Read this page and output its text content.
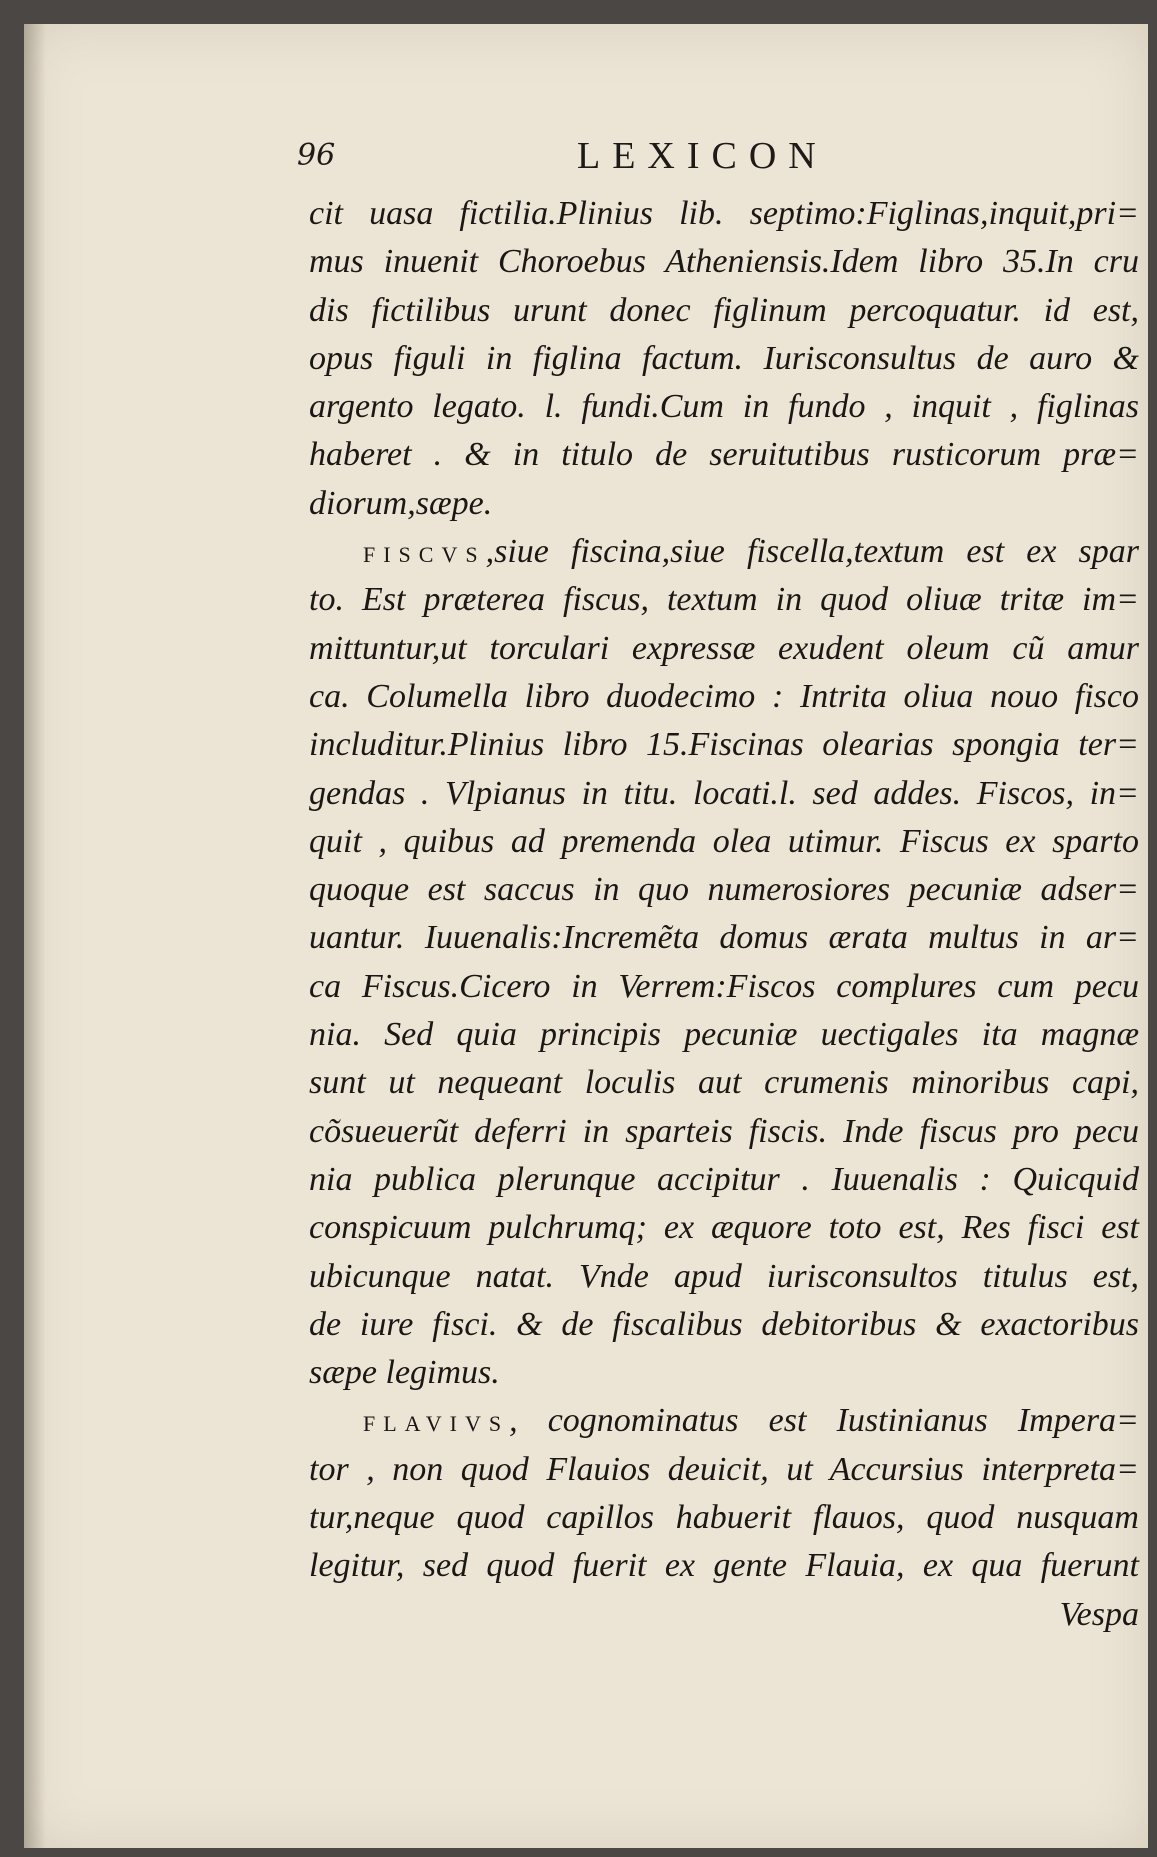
96	LEXICON
cit uasa fictilia.Plinius lib. septimo:Figlinas,inquit,pri=
mus inuenit Choroebus Atheniensis.Idem libro 35.In cru
dis fictilibus urunt donec figlinum percoquatur. id est,
opus figuli in figlina factum. Iurisconsultus de auro &
argento legato. l. fundi.Cum in fundo , inquit , figlinas
haberet . & in titulo de seruitutibus rusticorum præ=
diorum,sæpe.
FISCVS,siue fiscina,siue fiscella,textum est ex spar
to. Est præterea fiscus, textum in quod oliuæ tritæ im=
mittuntur,ut torculari expressæ exudent oleum cũ amur
ca. Columella libro duodecimo : Intrita oliua nouo fisco
includitur.Plinius libro 15.Fiscinas olearias spongia ter=
gendas . Vlpianus in titu. locati.l. sed addes. Fiscos, in=
quit , quibus ad premenda olea utimur. Fiscus ex sparto
quoque est saccus in quo numerosiores pecuniæ adser=
uantur. Iuuenalis:Incremẽta domus ærata multus in ar=
ca Fiscus.Cicero in Verrem:Fiscos complures cum pecu
nia. Sed quia principis pecuniæ uectigales ita magnæ
sunt ut nequeant loculis aut crumenis minoribus capi,
cõsueuerũt deferri in sparteis fiscis. Inde fiscus pro pecu
nia publica plerunque accipitur . Iuuenalis : Quicquid
conspicuum pulchrumq; ex æquore toto est, Res fisci est
ubicunque natat. Vnde apud iurisconsultos titulus est,
de iure fisci. & de fiscalibus debitoribus & exactoribus
sæpe legimus.
FLAVIVS, cognominatus est Iustinianus Impera=
tor , non quod Flauios deuicit, ut Accursius interpreta=
tur,neque quod capillos habuerit flauos, quod nusquam
legitur, sed quod fuerit ex gente Flauia, ex qua fuerunt
Vespa
